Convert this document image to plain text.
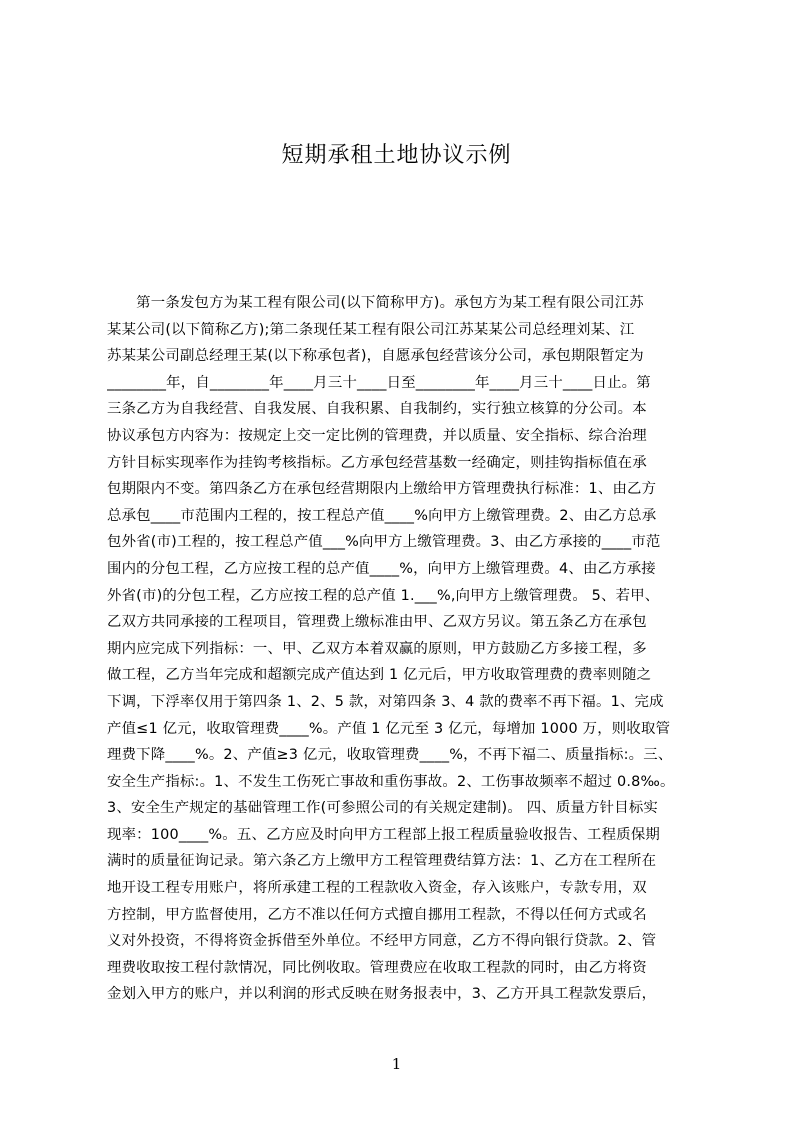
短期承租土地协议示例
　　第一条发包方为某工程有限公司(以下简称甲方)。承包方为某工程有限公司江苏
某某公司(以下简称乙方);第二条现任某工程有限公司江苏某某公司总经理刘某、江
苏某某公司副总经理王某(以下称承包者)，自愿承包经营该分公司，承包期限暂定为
________年，自________年____月三十____日至________年____月三十____日止。第
三条乙方为自我经营、自我发展、自我积累、自我制约，实行独立核算的分公司。本
协议承包方内容为：按规定上交一定比例的管理费，并以质量、安全指标、综合治理
方针目标实现率作为挂钩考核指标。乙方承包经营基数一经确定，则挂钩指标值在承
包期限内不变。第四条乙方在承包经营期限内上缴给甲方管理费执行标准：1、由乙方
总承包____市范围内工程的，按工程总产值____%向甲方上缴管理费。2、由乙方总承
包外省(市)工程的，按工程总产值___%向甲方上缴管理费。3、由乙方承接的____市范
围内的分包工程，乙方应按工程的总产值____%，向甲方上缴管理费。4、由乙方承接
外省(市)的分包工程，乙方应按工程的总产值 1.___%,向甲方上缴管理费。 5、若甲、
乙双方共同承接的工程项目，管理费上缴标准由甲、乙双方另议。第五条乙方在承包
期内应完成下列指标：一、甲、乙双方本着双赢的原则，甲方鼓励乙方多接工程，多
做工程，乙方当年完成和超额完成产值达到 1 亿元后，甲方收取管理费的费率则随之
下调，下浮率仅用于第四条 1、2、5 款，对第四条 3、4 款的费率不再下福。1、完成
产值≤1 亿元，收取管理费____%。产值 1 亿元至 3 亿元，每增加 1000 万，则收取管
理费下降____%。2、产值≥3 亿元，收取管理费____%，不再下福二、质量指标:。三、
安全生产指标:。1、不发生工伤死亡事故和重伤事故。2、工伤事故频率不超过 0.8‰。
3、安全生产规定的基础管理工作(可参照公司的有关规定建制)。 四、质量方针目标实
现率：100____%。五、乙方应及时向甲方工程部上报工程质量验收报告、工程质保期
满时的质量征询记录。第六条乙方上缴甲方工程管理费结算方法：1、乙方在工程所在
地开设工程专用账户，将所承建工程的工程款收入资金，存入该账户，专款专用，双
方控制，甲方监督使用，乙方不准以任何方式擅自挪用工程款，不得以任何方式或名
义对外投资，不得将资金拆借至外单位。不经甲方同意，乙方不得向银行贷款。2、管
理费收取按工程付款情况，同比例收取。管理费应在收取工程款的同时，由乙方将资
金划入甲方的账户，并以利润的形式反映在财务报表中，3、乙方开具工程款发票后，
1
